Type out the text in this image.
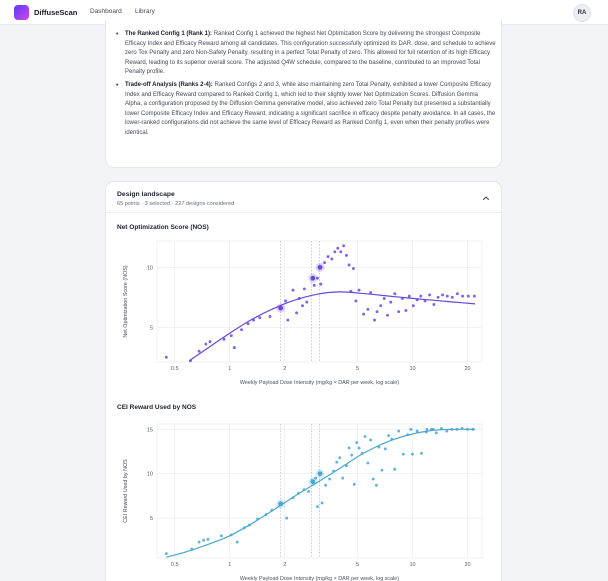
DiffuseScan Dashboard Library	RA
• The Ranked Config 1 (Rank 1): Ranked Config 1 achieved the highest Net Optimization Score by delivering the strongest Composite Efficacy Index and Efficacy Reward among all candidates. This configuration successfully optimized its DAR, dose, and schedule to achieve zero Tox Penalty and zero Non-Safety Penalty, resulting in a perfect Total Penalty of zero. This allowed for full retention of its high Efficacy Reward, leading to its superior overall score. The adjusted Q4W schedule, compared to the baseline, contributed to an improved Total Penalty profile.
• Trade-off Analysis (Ranks 2-4): Ranked Configs 2 and 3, while also maintaining zero Total Penalty, exhibited a lower Composite Efficacy Index and Efficacy Reward compared to Ranked Config 1, which led to their slightly lower Net Optimization Scores. Diffusion Gemma Alpha, a configuration proposed by the Diffusion Gemma generative model, also achieved zero Total Penalty but presented a substantially lower Composite Efficacy Index and Efficacy Reward, indicating a significant sacrifice in efficacy despite penalty avoidance. In all cases, the lower-ranked configurations did not achieve the same level of Efficacy Reward as Ranked Config 1, even when their penalty profiles were identical.
Design landscape
65 points · 3 selected · 227 designs considered
Net Optimization Score (NOS)
CEI Reward Used by NOS
0.5	1	2	5	10	20
5
10
Weekly Payload Dose Intensity (mg/kg × DAR per week, log scale)
Net Optimization Score (NOS)
0.5	1	2	5	10	20
5
10
15
Weekly Payload Dose Intensity (mg/kg × DAR per week, log scale)
CEI Reward Used by NOS
